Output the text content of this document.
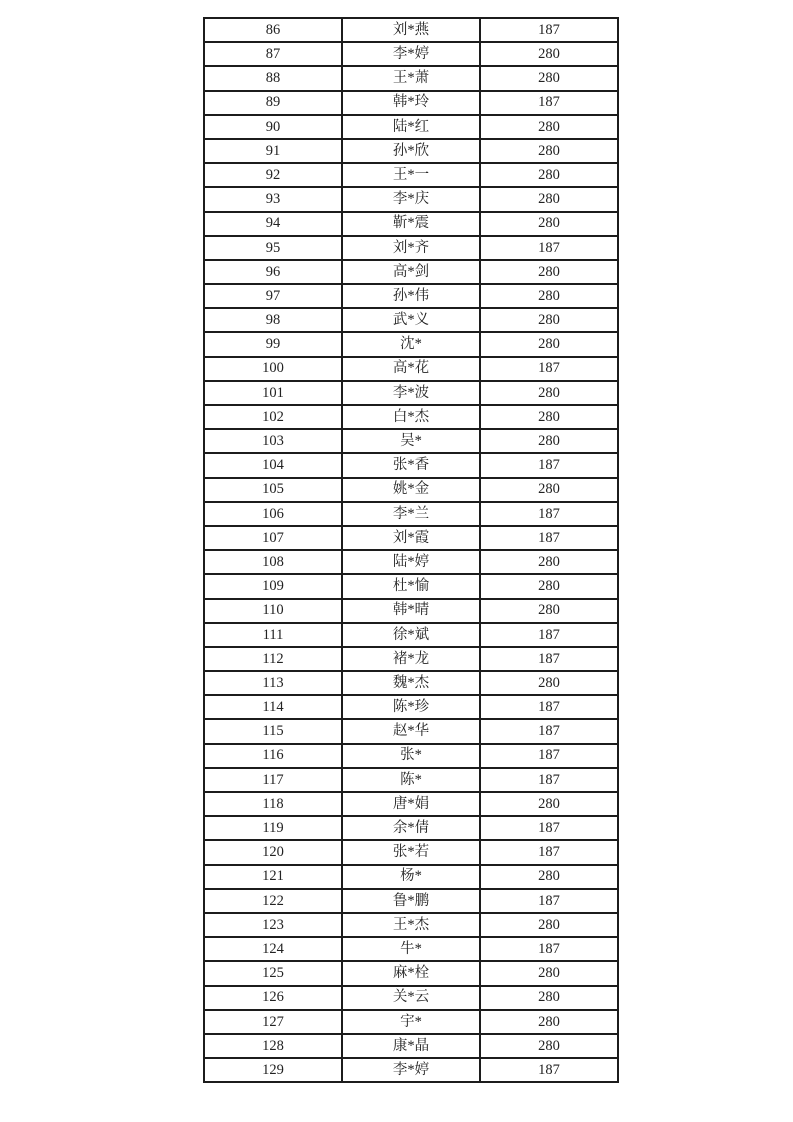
86	刘*燕	187
87	李*婷	280
88	王*萧	280
89	韩*玲	187
90	陆*红	280
91	孙*欣	280
92	王*一	280
93	李*庆	280
94	靳*震	280
95	刘*齐	187
96	高*剑	280
97	孙*伟	280
98	武*义	280
99	沈*	280
100	高*花	187
101	李*波	280
102	白*杰	280
103	吴*	280
104	张*香	187
105	姚*金	280
106	李*兰	187
107	刘*霞	187
108	陆*婷	280
109	杜*愉	280
110	韩*晴	280
111	徐*斌	187
112	褚*龙	187
113	魏*杰	280
114	陈*珍	187
115	赵*华	187
116	张*	187
117	陈*	187
118	唐*娟	280
119	余*倩	187
120	张*若	187
121	杨*	280
122	鲁*鹏	187
123	王*杰	280
124	牛*	187
125	麻*栓	280
126	关*云	280
127	宇*	280
128	康*晶	280
129	李*婷	187
